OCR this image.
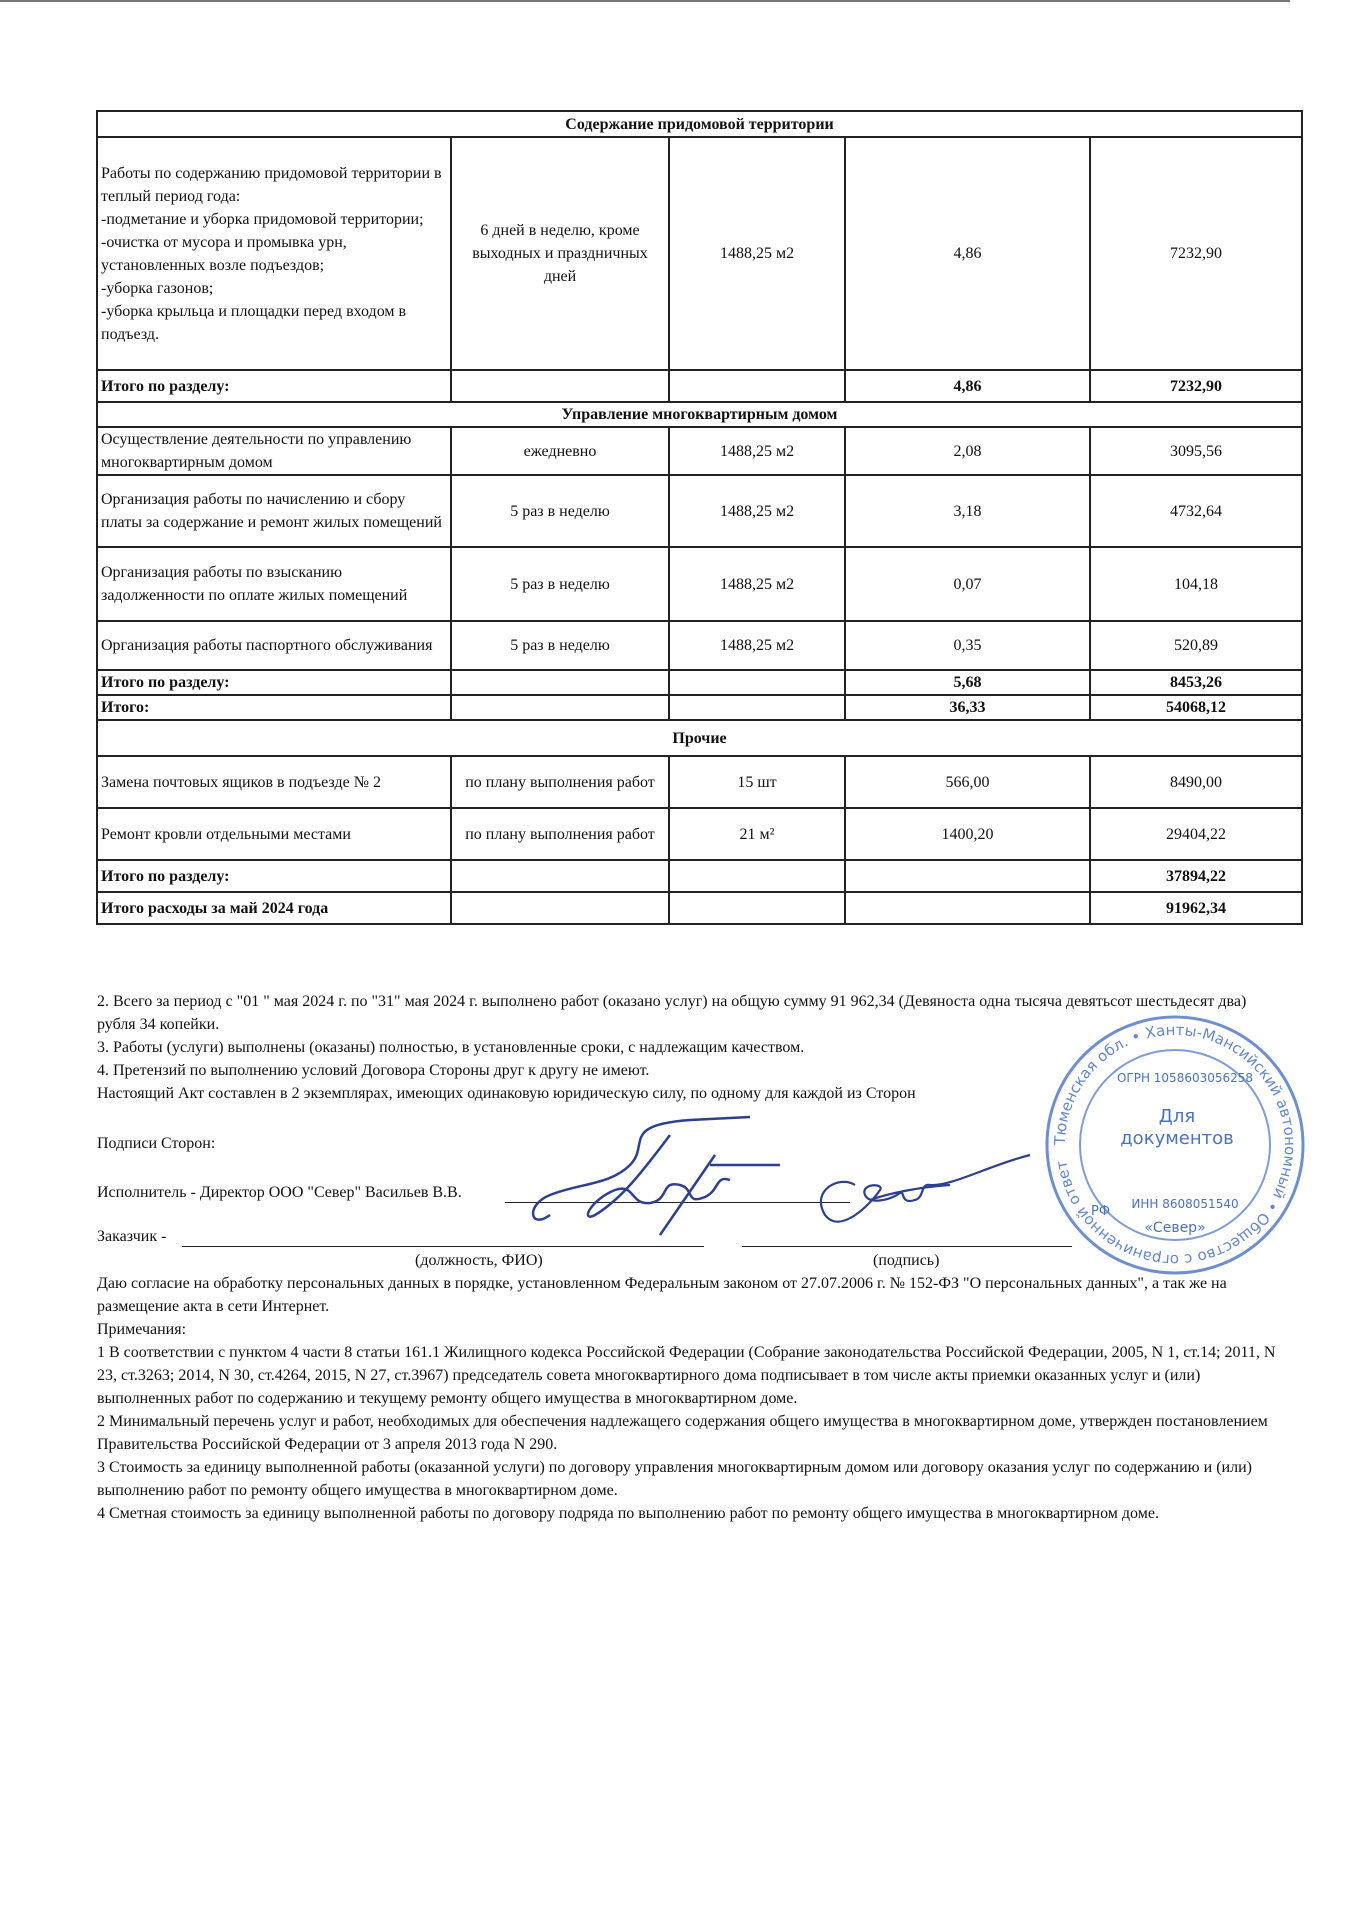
Содержание придомовой территории				
Работы по содержанию придомовой территории в теплый период года:
-подметание и уборка придомовой территории;
-очистка от мусора и промывка урн, установленных возле подъездов;
-уборка газонов;
-уборка крыльца и площадки перед входом в подъезд.	6 дней в неделю, кроме выходных и праздничных дней	1488,25 м2	4,86	7232,90
Итого по разделу:			4,86	7232,90
Управление многоквартирным домом				
Осуществление деятельности по управлению многоквартирным домом	ежедневно	1488,25 м2	2,08	3095,56
Организация работы по начислению и сбору платы за содержание и ремонт жилых помещений	5 раз в неделю	1488,25 м2	3,18	4732,64
Организация работы по взысканию задолженности по оплате жилых помещений	5 раз в неделю	1488,25 м2	0,07	104,18
Организация работы паспортного обслуживания	5 раз в неделю	1488,25 м2	0,35	520,89
Итого по разделу:			5,68	8453,26
Итого:			36,33	54068,12
Прочие				
Замена почтовых ящиков в подъезде № 2	по плану выполнения работ	15 шт	566,00	8490,00
Ремонт кровли отдельными местами	по плану выполнения работ	21 м²	1400,20	29404,22
Итого по разделу:				37894,22
Итого расходы за май 2024 года				91962,34

2. Всего за период с "01 " мая 2024 г. по "31" мая 2024 г. выполнено работ (оказано услуг) на общую сумму 91 962,34 (Девяноста одна тысяча девятьсот шестьдесят два) рубля 34 копейки.

3. Работы (услуги) выполнены (оказаны) полностью, в установленные сроки, с надлежащим качеством.

4. Претензий по выполнению условий Договора Стороны друг к другу не имеют.

Настоящий Акт составлен в 2 экземплярах, имеющих одинаковую юридическую силу, по одному для каждой из Сторон

Подписи Сторон:
Исполнитель - Директор ООО "Север" Васильев В.В.
Заказчик -
(должность, ФИО)	(подпись)
Тюменская обл. • Ханты-Мансийский автономный • Общество с ограниченной ответ
Для
документов
ОГРН 1058603056258
ИНН 8608051540
«Север»
РФ

Даю согласие на обработку персональных данных в порядке, установленном Федеральным законом от 27.07.2006 г. № 152-ФЗ "О персональных данных", а так же на размещение акта в сети Интернет.

Примечания:

1 В соответствии с пунктом 4 части 8 статьи 161.1 Жилищного кодекса Российской Федерации (Собрание законодательства Российской Федерации, 2005, N 1, ст.14; 2011, N 23, ст.3263; 2014, N 30, ст.4264, 2015, N 27, ст.3967) председатель совета многоквартирного дома подписывает в том числе акты приемки оказанных услуг и (или) выполненных работ по содержанию и текущему ремонту общего имущества в многоквартирном доме.

2 Минимальный перечень услуг и работ, необходимых для обеспечения надлежащего содержания общего имущества в многоквартирном доме, утвержден постановлением Правительства Российской Федерации от 3 апреля 2013 года N 290.

3 Стоимость за единицу выполненной работы (оказанной услуги) по договору управления многоквартирным домом или договору оказания услуг по содержанию и (или) выполнению работ по ремонту общего имущества в многоквартирном доме.

4 Сметная стоимость за единицу выполненной работы по договору подряда по выполнению работ по ремонту общего имущества в многоквартирном доме.
